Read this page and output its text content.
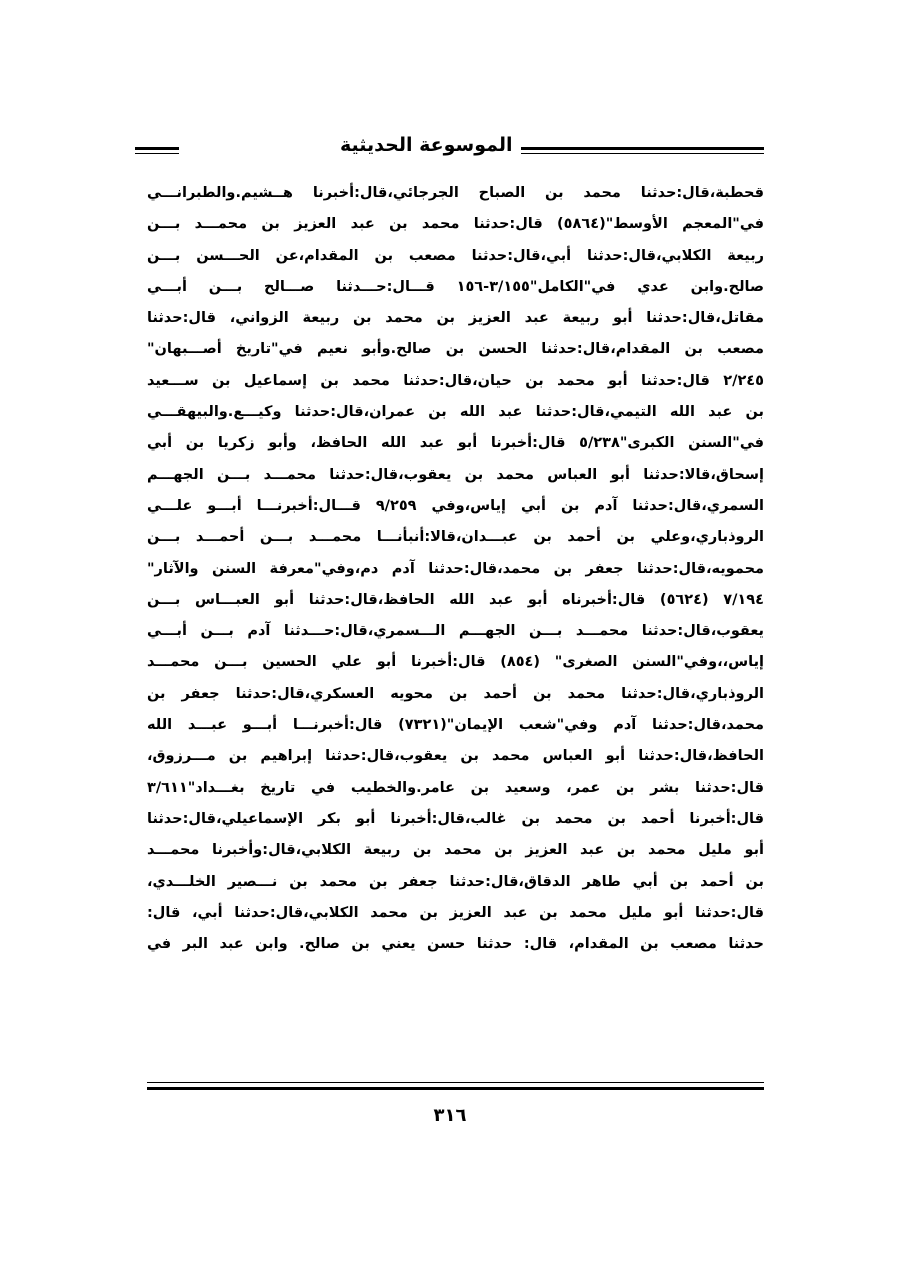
الموسوعة الحديثية
قحطبة،قال:حدثنا محمد بن الصباح الجرجائي،قال:أخبرنا هــشيم.والطبرانـــي
في"المعجم الأوسط"(٥٨٦٤) قال:حدثنا محمد بن عبد العزيز بن محمـــد بـــن
ربيعة الكلابي،قال:حدثنا أبي،قال:حدثنا مصعب بن المقدام،عن الحـــسن بـــن
صالح.وابن عدي في"الكامل"٣/١٥٥-١٥٦ قـــال:حـــدثنا صـــالح بـــن أبـــي
مقاتل،قال:حدثنا أبو ربيعة عبد العزيز بن محمد بن ربيعة الزواني، قال:حدثنا
مصعب بن المقدام،قال:حدثنا الحسن بن صالح.وأبو نعيم في"تاريخ أصـــبهان"
٢/٢٤٥ قال:حدثنا أبو محمد بن حيان،قال:حدثنا محمد بن إسماعيل بن ســـعيد
بن عبد الله التيمي،قال:حدثنا عبد الله بن عمران،قال:حدثنا وكيـــع.والبيهقـــي
في"السنن الكبرى"٥/٢٣٨ قال:أخبرنا أبو عبد الله الحافظ، وأبو زكريا بن أبي
إسحاق،قالا:حدثنا أبو العباس محمد بن يعقوب،قال:حدثنا محمـــد بـــن الجهـــم
السمري،قال:حدثنا آدم بن أبي إياس،وفي ٩/٢٥٩ قـــال:أخبرنـــا أبـــو علـــي
الروذباري،وعلي بن أحمد بن عبـــدان،قالا:أنبأنـــا محمـــد بـــن أحمـــد بـــن
محمويه،قال:حدثنا جعفر بن محمد،قال:حدثنا آدم دم،وفي"معرفة السنن والآثار"
٧/١٩٤ (٥٦٢٤) قال:أخبرناه أبو عبد الله الحافظ،قال:حدثنا أبو العبـــاس بـــن
يعقوب،قال:حدثنا محمـــد بـــن الجهـــم الـــسمري،قال:حـــدثنا آدم بـــن أبـــي
إياس،،وفي"السنن الصغرى" (٨٥٤) قال:أخبرنا أبو علي الحسين بـــن محمـــد
الروذباري،قال:حدثنا محمد بن أحمد بن محويه العسكري،قال:حدثنا جعفر بن
محمد،قال:حدثنا آدم وفي"شعب الإيمان"(٧٣٢١) قال:أخبرنـــا أبـــو عبـــد الله
الحافظ،قال:حدثنا أبو العباس محمد بن يعقوب،قال:حدثنا إبراهيم بن مـــرزوق،
قال:حدثنا بشر بن عمر، وسعيد بن عامر.والخطيب في تاريخ بغـــداد"٣/٦١١
قال:أخبرنا أحمد بن محمد بن غالب،قال:أخبرنا أبو بكر الإسماعيلي،قال:حدثنا
أبو مليل محمد بن عبد العزيز بن محمد بن ربيعة الكلابي،قال:وأخبرنا محمـــد
بن أحمد بن أبي طاهر الدقاق،قال:حدثنا جعفر بن محمد بن نـــصير الخلـــدي،
قال:حدثنا أبو مليل محمد بن عبد العزيز بن محمد الكلابي،قال:حدثنا أبي، قال:
حدثنا مصعب بن المقدام، قال: حدثنا حسن يعني بن صالح. وابن عبد البر في
٣١٦
